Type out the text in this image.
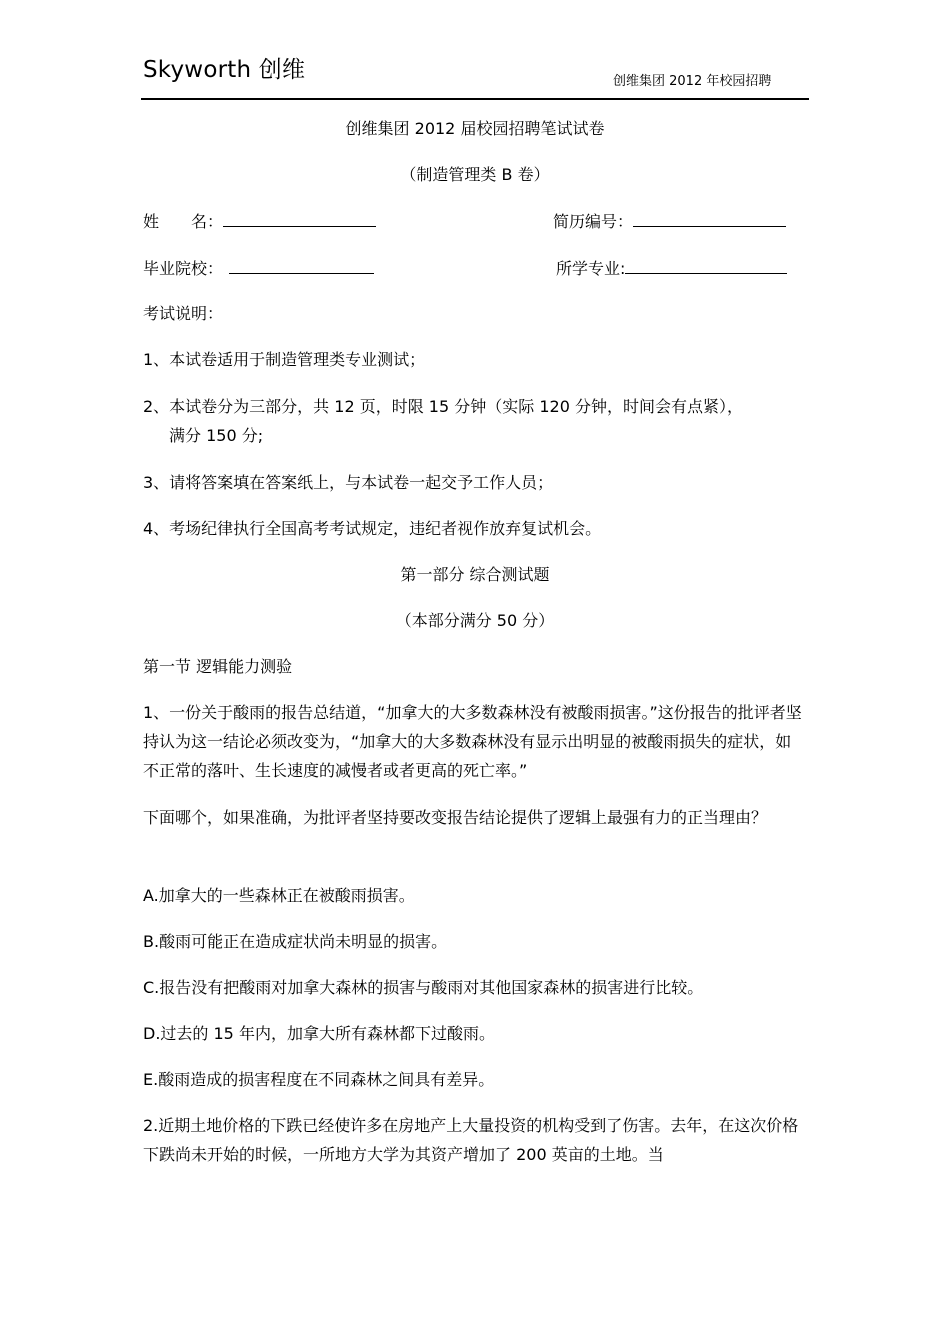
Skyworth 创维	创维集团 2012 年校园招聘
创维集团 2012 届校园招聘笔试试卷
（制造管理类 B 卷）
姓　　名：	简历编号：
毕业院校：	所学专业:
考试说明：
1、本试卷适用于制造管理类专业测试；
2、本试卷分为三部分，共 12 页，时限 15 分钟（实际 120 分钟，时间会有点紧），
满分 150 分;
3、请将答案填在答案纸上，与本试卷一起交予工作人员；
4、考场纪律执行全国高考考试规定，违纪者视作放弃复试机会。
第一部分 综合测试题
（本部分满分 50 分）
第一节 逻辑能力测验
1、一份关于酸雨的报告总结道，“加拿大的大多数森林没有被酸雨损害。”这份报告的批评者坚持认为这一结论必须改变为，“加拿大的大多数森林没有显示出明显的被酸雨损失的症状，如不正常的落叶、生长速度的减慢者或者更高的死亡率。”
下面哪个，如果准确，为批评者坚持要改变报告结论提供了逻辑上最强有力的正当理由？
A.加拿大的一些森林正在被酸雨损害。
B.酸雨可能正在造成症状尚未明显的损害。
C.报告没有把酸雨对加拿大森林的损害与酸雨对其他国家森林的损害进行比较。
D.过去的 15 年内，加拿大所有森林都下过酸雨。
E.酸雨造成的损害程度在不同森林之间具有差异。
2.近期土地价格的下跌已经使许多在房地产上大量投资的机构受到了伤害。去年，在这次价格下跌尚未开始的时候，一所地方大学为其资产增加了 200 英亩的土地。当
